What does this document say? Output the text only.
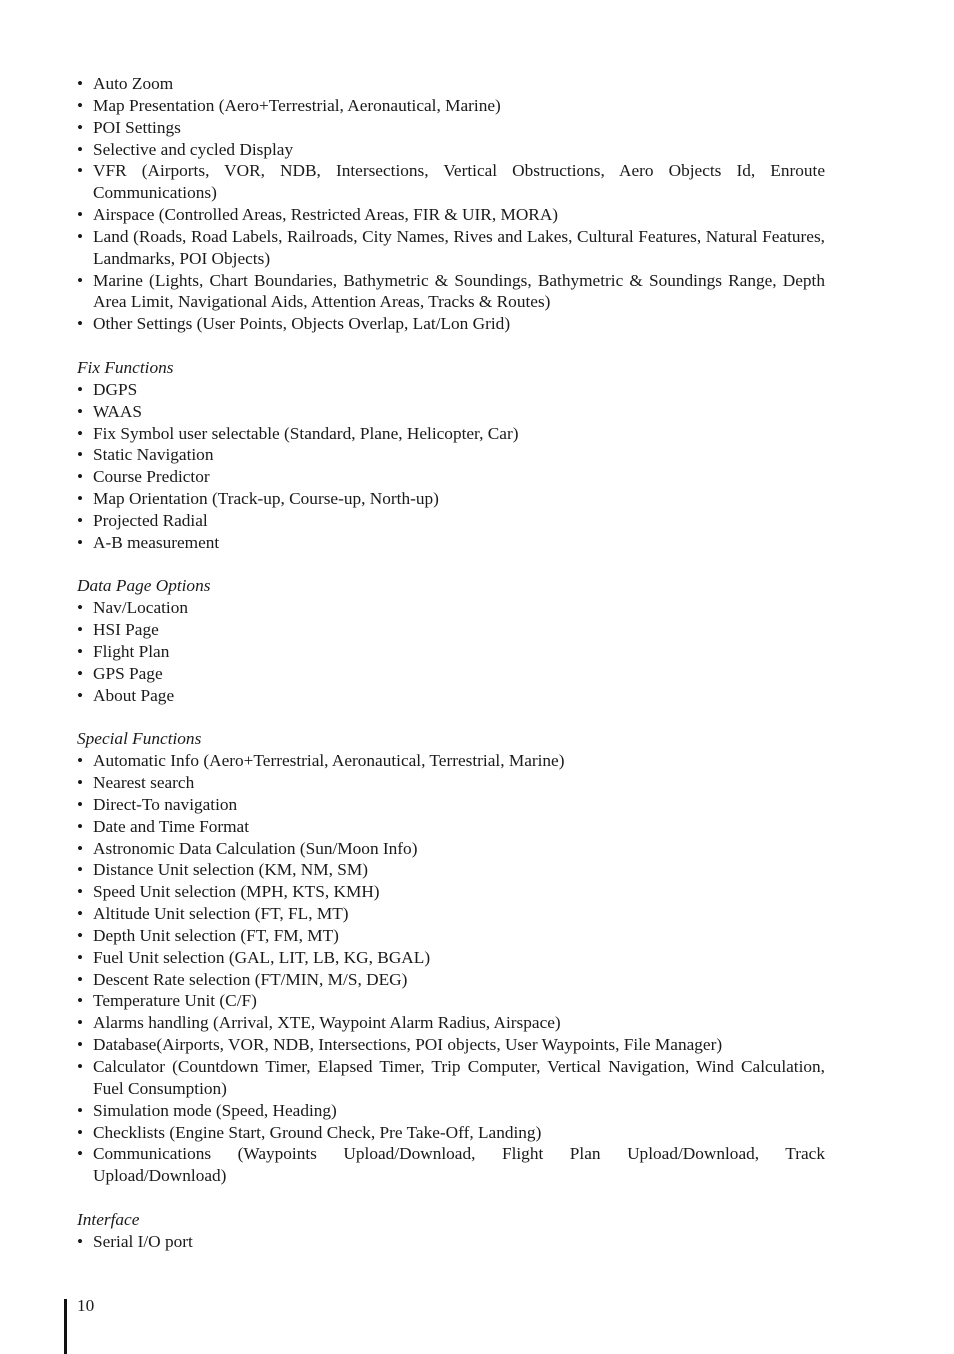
• Auto Zoom
• Map Presentation (Aero+Terrestrial, Aeronautical, Marine)
• POI Settings
• Selective and cycled Display
• VFR (Airports, VOR, NDB, Intersections, Vertical Obstructions, Aero Objects Id, Enroute Communications)
• Airspace (Controlled Areas, Restricted Areas, FIR & UIR, MORA)
• Land (Roads, Road Labels, Railroads, City Names, Rives and Lakes, Cultural Features, Natural Features, Landmarks, POI Objects)
• Marine (Lights, Chart Boundaries, Bathymetric & Soundings, Bathymetric & Soundings Range, Depth Area Limit, Navigational Aids, Attention Areas, Tracks & Routes)
• Other Settings (User Points, Objects Overlap, Lat/Lon Grid)

Fix Functions

• DGPS
• WAAS
• Fix Symbol user selectable (Standard, Plane, Helicopter, Car)
• Static Navigation
• Course Predictor
• Map Orientation (Track-up, Course-up, North-up)
• Projected Radial
• A-B measurement

Data Page Options

• Nav/Location
• HSI Page
• Flight Plan
• GPS Page
• About Page

Special Functions

• Automatic Info (Aero+Terrestrial, Aeronautical, Terrestrial, Marine)
• Nearest search
• Direct-To navigation
• Date and Time Format
• Astronomic Data Calculation (Sun/Moon Info)
• Distance Unit selection (KM, NM, SM)
• Speed Unit selection (MPH, KTS, KMH)
• Altitude Unit selection (FT, FL, MT)
• Depth Unit selection (FT, FM, MT)
• Fuel Unit selection (GAL, LIT, LB, KG, BGAL)
• Descent Rate selection (FT/MIN, M/S, DEG)
• Temperature Unit (C/F)
• Alarms handling (Arrival, XTE, Waypoint Alarm Radius, Airspace)
• Database(Airports, VOR, NDB, Intersections, POI objects, User Waypoints, File Manager)
• Calculator (Countdown Timer, Elapsed Timer, Trip Computer, Vertical Navigation, Wind Calculation, Fuel Consumption)
• Simulation mode (Speed, Heading)
• Checklists (Engine Start, Ground Check, Pre Take-Off, Landing)
• Communications (Waypoints Upload/Download, Flight Plan Upload/Download, Track Upload/Download)

Interface

• Serial I/O port
10
